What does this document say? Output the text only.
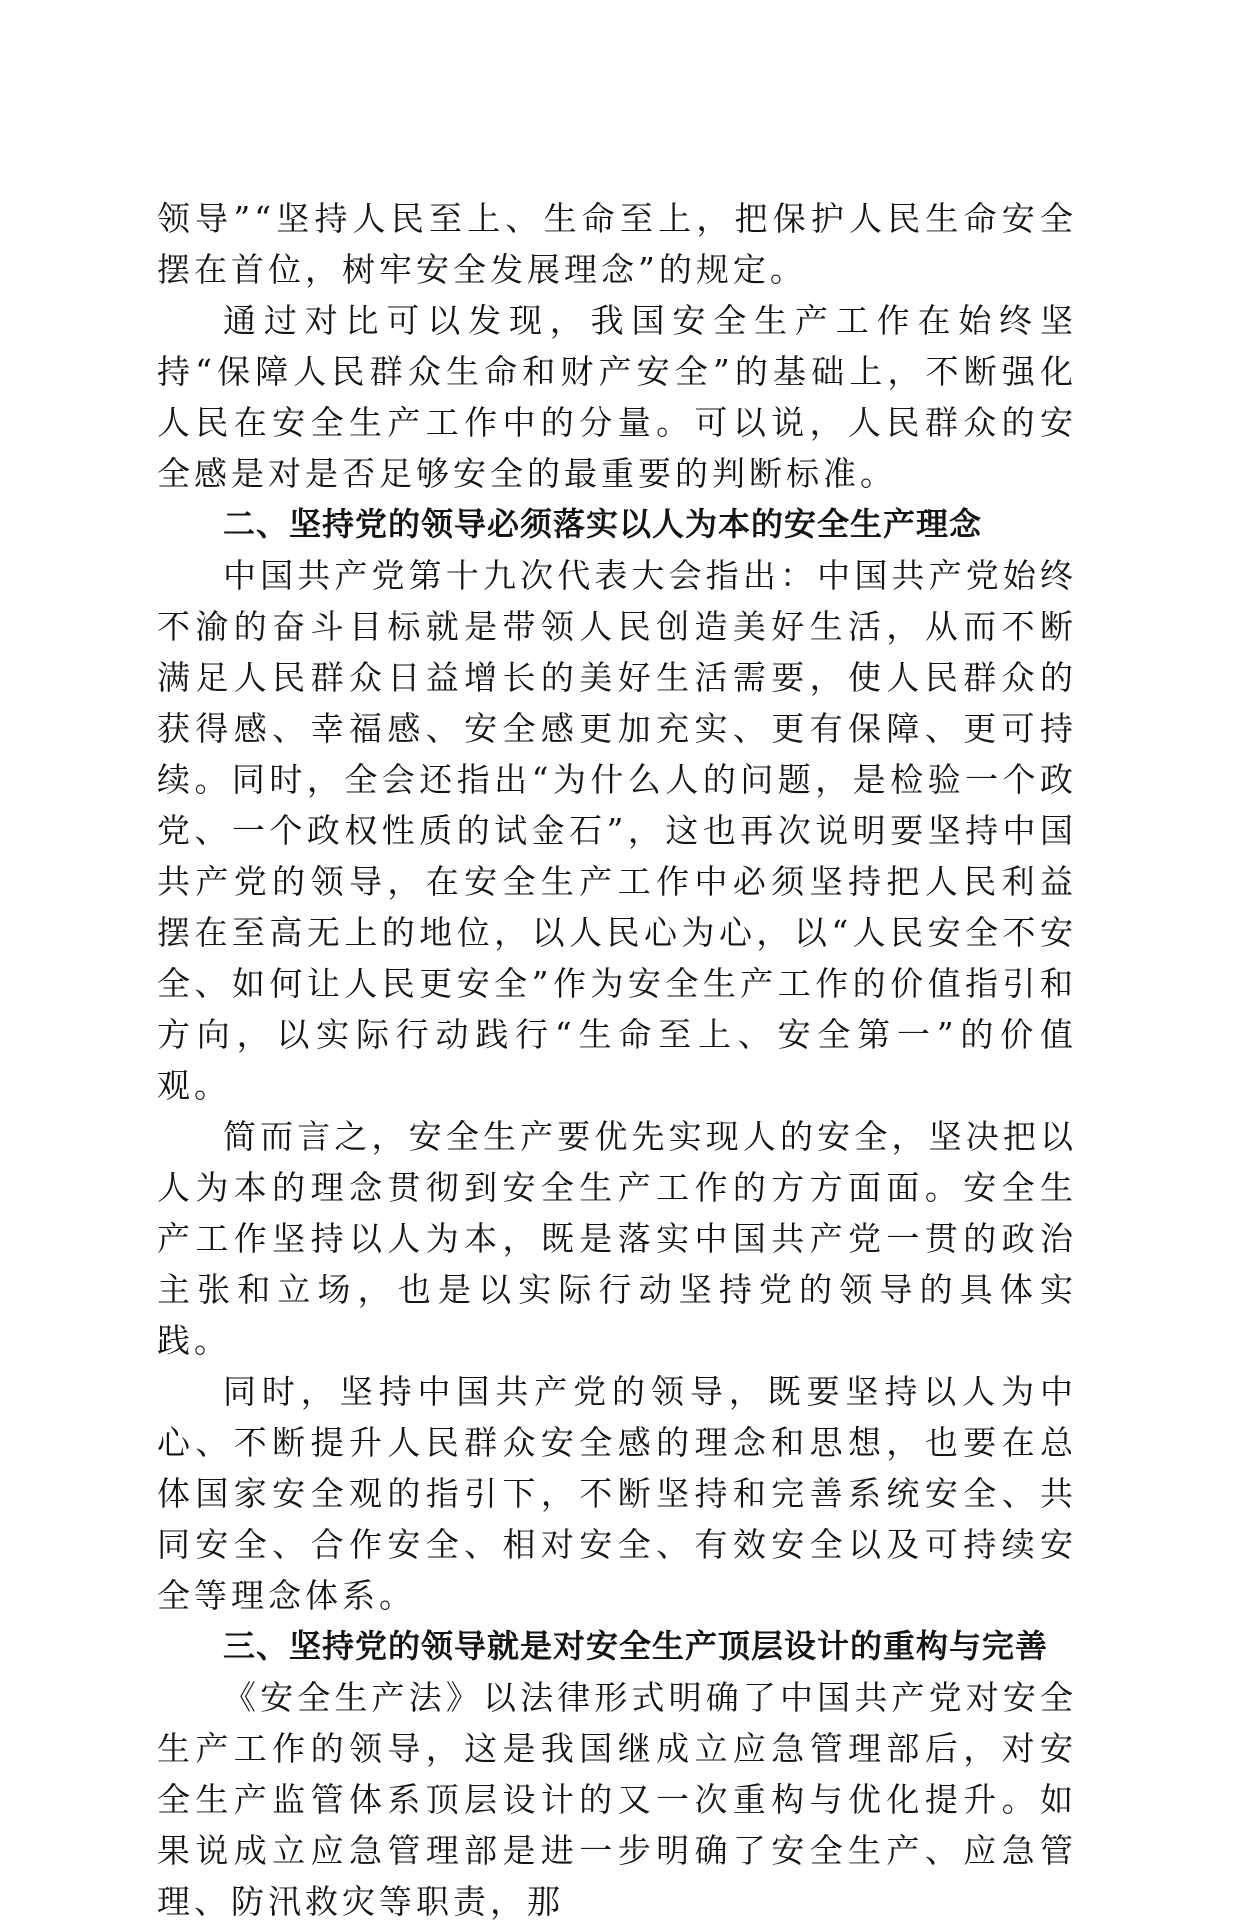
领导”“坚持人民至上、生命至上，把保护人民生命安全摆在首位，树牢安全发展理念”的规定。

通过对比可以发现，我国安全生产工作在始终坚持“保障人民群众生命和财产安全”的基础上，不断强化人民在安全生产工作中的分量。可以说，人民群众的安全感是对是否足够安全的最重要的判断标准。

二、坚持党的领导必须落实以人为本的安全生产理念

中国共产党第十九次代表大会指出：中国共产党始终不渝的奋斗目标就是带领人民创造美好生活，从而不断满足人民群众日益增长的美好生活需要，使人民群众的获得感、幸福感、安全感更加充实、更有保障、更可持续。同时，全会还指出“为什么人的问题，是检验一个政党、一个政权性质的试金石”，这也再次说明要坚持中国共产党的领导，在安全生产工作中必须坚持把人民利益摆在至高无上的地位，以人民心为心，以“人民安全不安全、如何让人民更安全”作为安全生产工作的价值指引和方向，以实际行动践行“生命至上、安全第一”的价值观。

简而言之，安全生产要优先实现人的安全，坚决把以人为本的理念贯彻到安全生产工作的方方面面。安全生产工作坚持以人为本，既是落实中国共产党一贯的政治主张和立场，也是以实际行动坚持党的领导的具体实践。

同时，坚持中国共产党的领导，既要坚持以人为中心、不断提升人民群众安全感的理念和思想，也要在总体国家安全观的指引下，不断坚持和完善系统安全、共同安全、合作安全、相对安全、有效安全以及可持续安全等理念体系。

三、坚持党的领导就是对安全生产顶层设计的重构与完善

《安全生产法》以法律形式明确了中国共产党对安全生产工作的领导，这是我国继成立应急管理部后，对安全生产监管体系顶层设计的又一次重构与优化提升。如果说成立应急管理部是进一步明确了安全生产、应急管理、防汛救灾等职责，那
